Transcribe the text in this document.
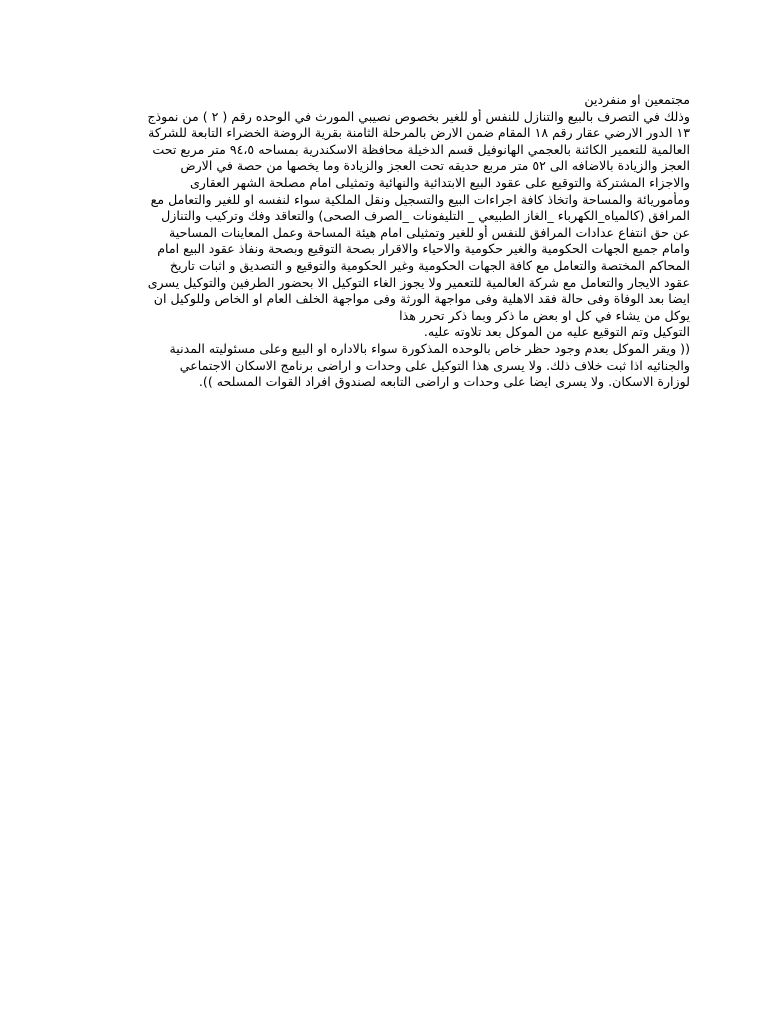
مجتمعين او منفردين
وذلك في التصرف بالبيع والتنازل للنفس أو للغير بخصوص نصيبي المورث في الوحده رقم ( ٢ ) من نموذج
١٣ الدور الارضي عقار رقم ١٨ المقام ضمن الارض بالمرحلة الثامنة بقرية الروضة الخضراء التابعة للشركة
العالمية للتعمير الكائنة بالعجمي الهانوفيل قسم الدخيلة محافظة الاسكندرية بمساحه ٩٤،٥ متر مربع تحت
العجز والزيادة بالاضافه الى ٥٢ متر مربع حديقه تحت العجز والزيادة وما يخصها من حصة في الارض
والاجزاء المشتركة والتوقيع على عقود البيع الابتدائية والنهائية وتمثيلى امام مصلحة الشهر العقارى
ومأموريائة والمساحة واتخاذ كافة اجراءات البيع والتسجيل ونقل الملكية سواء لنفسه او للغير والتعامل مع
المرافق (كالمياه_الكهرباء _الغاز الطبيعي _ التليفونات _الصرف الصحى) والتعاقد وفك وتركيب والتنازل
عن حق انتفاع عدادات المرافق للنفس أو للغير وتمثيلى امام هيئة المساحة وعمل المعاينات المساحية
وامام جميع الجهات الحكومية والغير حكومية والاحياء والاقرار بصحة التوقيع وبصحة ونفاذ عقود البيع امام
المحاكم المختصة والتعامل مع كافة الجهات الحكومية وغير الحكومية والتوقيع و التصديق و اثبات تاريخ
عقود الايجار والتعامل مع شركة العالمية للتعمير ولا يجوز الغاء التوكيل الا بحضور الطرفين والتوكيل يسرى
ايضا بعد الوفاة وفى حالة فقد الاهلية وفى مواجهة الورثة وفى مواجهة الخلف العام او الخاص وللوكيل ان
يوكل من يشاء في كل او بعض ما ذكر وبما ذكر تحرر هذا
التوكيل وتم التوقيع عليه من الموكل بعد تلاوته عليه.
(( ويقر الموكل بعدم وجود حظر خاص بالوحده المذكورة سواء بالاداره او البيع وعلى مسئوليته المدنية
والجنائيه اذا ثبت خلاف ذلك. ولا يسرى هذا التوكيل على وحدات و اراضى برنامج الاسكان الاجتماعي
لوزارة الاسكان. ولا يسرى ايضا على وحدات و اراضى التابعه لصندوق افراد القوات المسلحه )).
